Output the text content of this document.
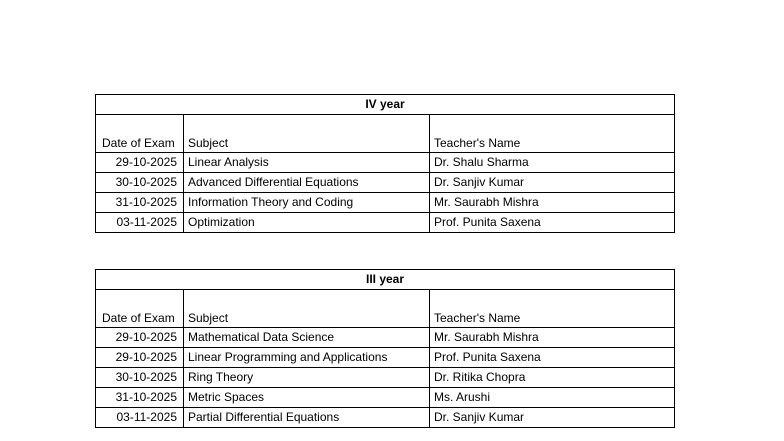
IV year		
Date of Exam	Subject	Teacher's Name
29-10-2025	Linear Analysis	Dr. Shalu Sharma
30-10-2025	Advanced Differential Equations	Dr. Sanjiv Kumar
31-10-2025	Information Theory and Coding	Mr. Saurabh Mishra
03-11-2025	Optimization	Prof. Punita Saxena
III year		
Date of Exam	Subject	Teacher's Name
29-10-2025	Mathematical Data Science	Mr. Saurabh Mishra
29-10-2025	Linear Programming and Applications	Prof. Punita Saxena
30-10-2025	Ring Theory	Dr. Ritika Chopra
31-10-2025	Metric Spaces	Ms. Arushi
03-11-2025	Partial Differential Equations	Dr. Sanjiv Kumar
